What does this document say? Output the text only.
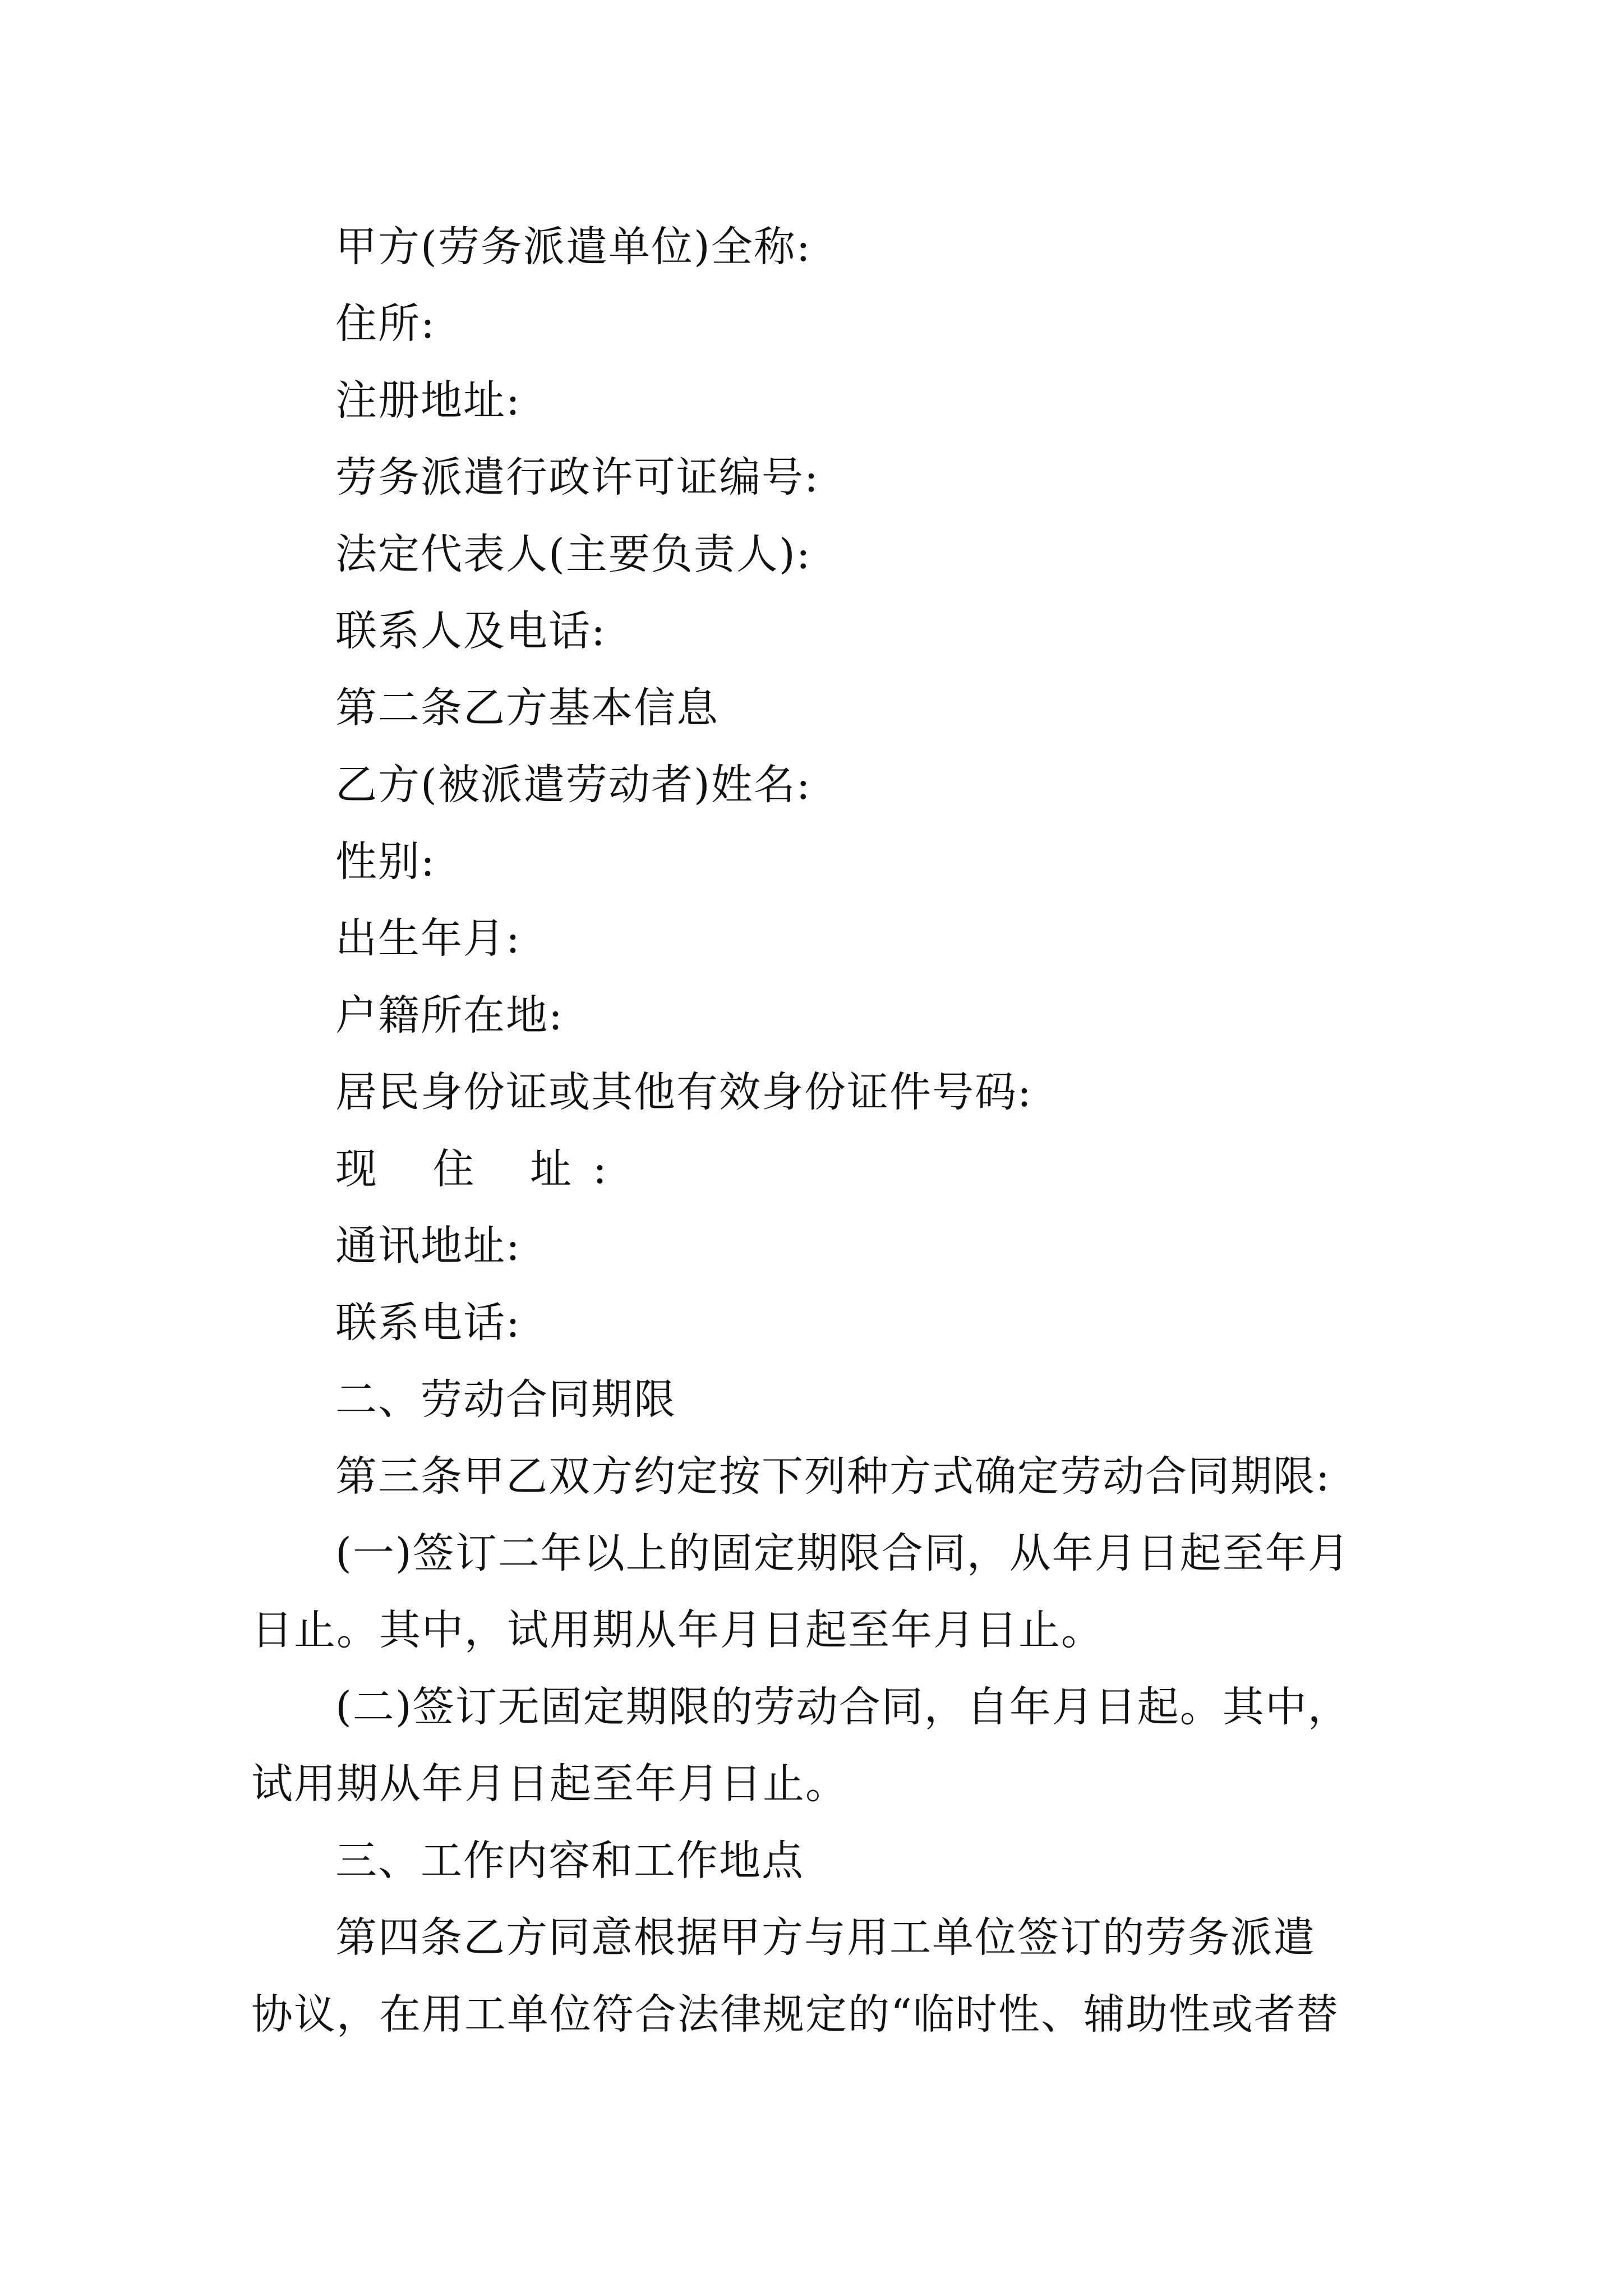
甲方(劳务派遣单位)全称:
住所:
注册地址:
劳务派遣行政许可证编号:
法定代表人(主要负责人):
联系人及电话:
第二条乙方基本信息
乙方(被派遣劳动者)姓名:
性别:
出生年月:
户籍所在地:
居民身份证或其他有效身份证件号码:
现 住 址:
通讯地址:
联系电话:
二、劳动合同期限
第三条甲乙双方约定按下列种方式确定劳动合同期限:
(一)签订二年以上的固定期限合同，从年月日起至年月
日止。其中，试用期从年月日起至年月日止。
(二)签订无固定期限的劳动合同，自年月日起。其中，
试用期从年月日起至年月日止。
三、工作内容和工作地点
第四条乙方同意根据甲方与用工单位签订的劳务派遣
协议，在用工单位符合法律规定的“临时性、辅助性或者替
